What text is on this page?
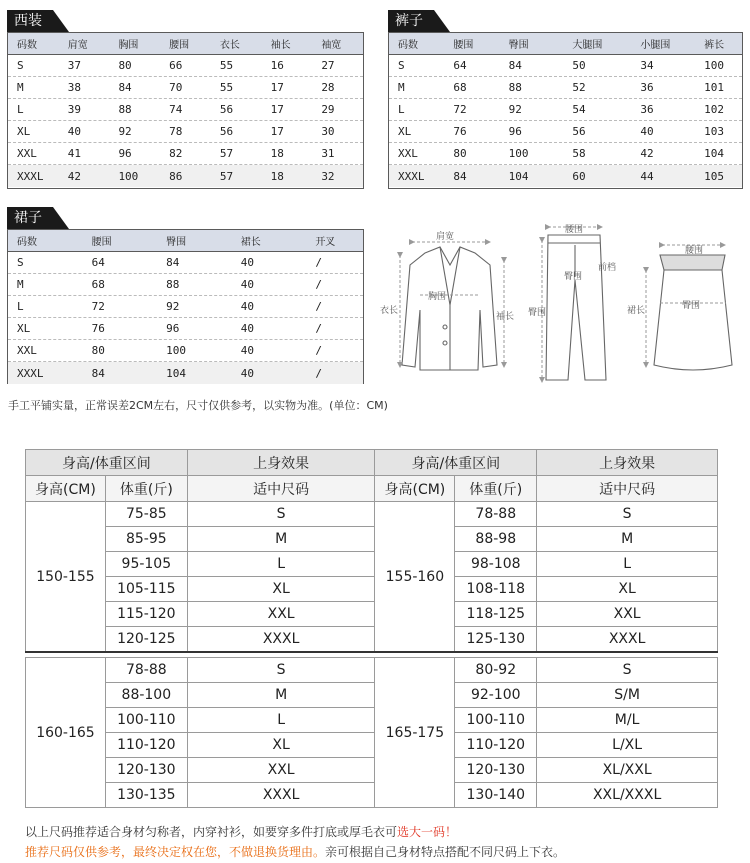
西装
码数	肩宽	胸围	腰围	衣长	袖长	袖宽
S	37	80	66	55	16	27
M	38	84	70	55	17	28
L	39	88	74	56	17	29
XL	40	92	78	56	17	30
XXL	41	96	82	57	18	31
XXXL	42	100	86	57	18	32
裤子
码数	腰围	臀围	大腿围	小腿围	裤长
S	64	84	50	34	100
M	68	88	52	36	101
L	72	92	54	36	102
XL	76	96	56	40	103
XXL	80	100	58	42	104
XXXL	84	104	60	44	105
裙子
码数	腰围	臀围	裙长	开叉
S	64	84	40	/
M	68	88	40	/
L	72	92	40	/
XL	76	96	40	/
XXL	80	100	40	/
XXXL	84	104	40	/
肩宽
胸围
衣长
袖长
腰围
臀围
臀围
前档
腰围
臀围
裙长
手工平铺实量，正常误差2CM左右，尺寸仅供参考，以实物为准。(单位：CM)
身高/体重区间		上身效果	身高/体重区间		上身效果
身高(CM)	体重(斤)	适中尺码	身高(CM)	体重(斤)	适中尺码
150-155	75-85	S	155-160	78-88	S
	85-95	M		88-98	M
	95-105	L		98-108	L
	105-115	XL		108-118	XL
	115-120	XXL		118-125	XXL
	120-125	XXXL		125-130	XXXL

160-165	78-88	S	165-175	80-92	S
	88-100	M		92-100	S/M
	100-110	L		100-110	M/L
	110-120	XL		110-120	L/XL
	120-130	XXL		120-130	XL/XXL
	130-135	XXXL		130-140	XXL/XXXL
以上尺码推荐适合身材匀称者，内穿衬衫，如要穿多件打底或厚毛衣可选大一码！
推荐尺码仅供参考，最终决定权在您，不做退换货理由。亲可根据自己身材特点搭配不同尺码上下衣。
